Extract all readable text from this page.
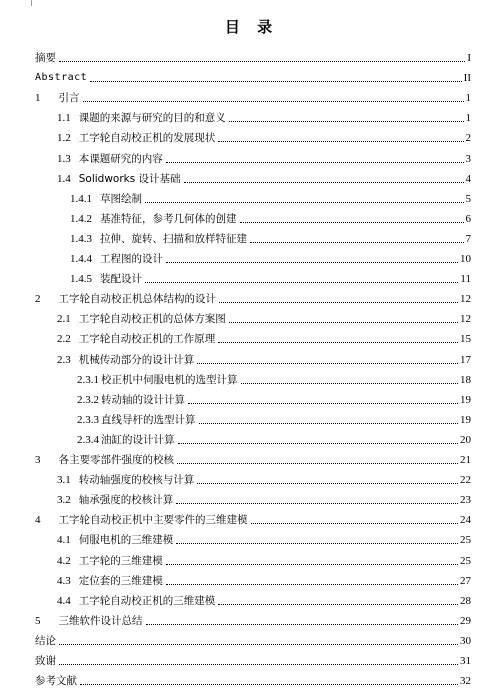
目 录
摘要	I
Abstract	II
1 引言	1
1.1 课题的来源与研究的目的和意义	1
1.2 工字轮自动校正机的发展现状	2
1.3 本课题研究的内容	3
1.4 Solidworks 设计基础	4
1.4.1 草图绘制	5
1.4.2 基准特征，参考几何体的创建	6
1.4.3 拉伸、旋转、扫描和放样特征建	7
1.4.4 工程图的设计	10
1.4.5 装配设计	11
2 工字轮自动校正机总体结构的设计	12
2.1 工字轮自动校正机的总体方案图	12
2.2 工字轮自动校正机的工作原理	15
2.3 机械传动部分的设计计算	17
2.3.1 校正机中伺服电机的选型计算	18
2.3.2 转动轴的设计计算	19
2.3.3 直线导杆的选型计算	19
2.3.4 油缸的设计计算	20
3 各主要零部件强度的校核	21
3.1 转动轴强度的校核与计算	22
3.2 轴承强度的校核计算	23
4 工字轮自动校正机中主要零件的三维建模	24
4.1 伺服电机的三维建模	25
4.2 工字轮的三维建模	25
4.3 定位套的三维建模	27
4.4 工字轮自动校正机的三维建模	28
5 三维软件设计总结	29
结论	30
致谢	31
参考文献	32
